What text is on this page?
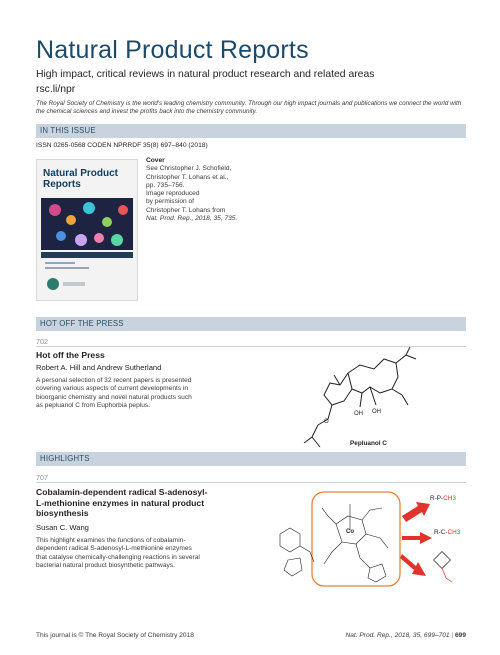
Natural Product Reports
High impact, critical reviews in natural product research and related areas
rsc.li/npr
The Royal Society of Chemistry is the world's leading chemistry community. Through our high impact journals and publications we connect the world with the chemical sciences and invest the profits back into the chemistry community.
IN THIS ISSUE
ISSN 0265-0568 CODEN NPRRDF 35(8) 697–840 (2018)
Natural Product Reports
Cover
See Christopher J. Schofield,
Christopher T. Lohans et al.,
pp. 735–756.
Image reproduced
by permission of
Christopher T. Lohans from
Nat. Prod. Rep., 2018, 35, 735.
HOT OFF THE PRESS
702
Hot off the Press
Robert A. Hill and Andrew Sutherland
A personal selection of 32 recent papers is presented
covering various aspects of current developments in
bioorganic chemistry and novel natural products such
as pepluanol C from Euphorbia peplus.
O
OH OH
Pepluanol C
HIGHLIGHTS
707
Cobalamin-dependent radical S-adenosyl-
L-methionine enzymes in natural product
biosynthesis
Susan C. Wang
This highlight examines the functions of cobalamin-
dependent radical S-adenosyl-L-methionine enzymes
that catalyse chemically-challenging reactions in several
bacterial natural product biosynthetic pathways.
Co
R-P-CH3
R-C-CH3
This journal is © The Royal Society of Chemistry 2018	Nat. Prod. Rep., 2018, 35, 699–701 | 699
